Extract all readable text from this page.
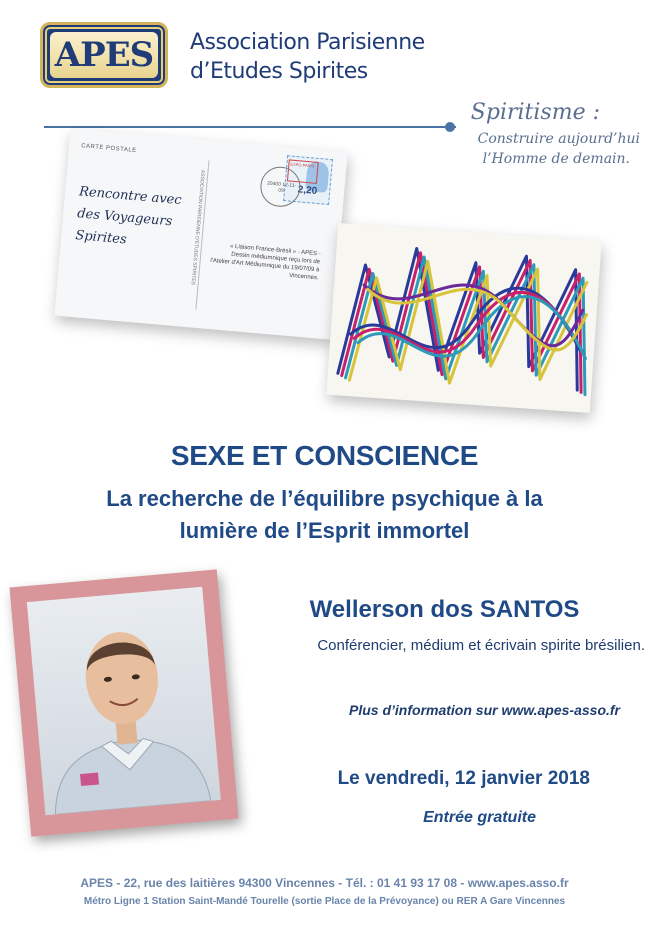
APES Association Parisienne
d’Etudes Spirites
Spiritisme :
Construire aujourd’hui
l’Homme de demain.
CARTE POSTALE
Rencontre avec des Voyageurs Spirites	ASSOCIATION PARISIENNE D'ETUDES SPIRITES	2,20
EXPO PARIS
20400 12-11-09
« Liaison France-Brésil » - APES - Dessin médiumnique reçu lors de l'Atelier d'Art Médiumnique du 19/07/09 à Vincennes.
SEXE ET CONSCIENCE
La recherche de l’équilibre psychique à la
lumière de l’Esprit immortel
Wellerson dos SANTOS
Conférencier, médium et écrivain spirite brésilien.
Plus d’information sur www.apes-asso.fr
Le vendredi, 12 janvier 2018
Entrée gratuite
APES - 22, rue des laitières 94300 Vincennes - Tél. : 01 41 93 17 08 - www.apes.asso.fr
Métro Ligne 1 Station Saint-Mandé Tourelle (sortie Place de la Prévoyance) ou RER A Gare Vincennes
